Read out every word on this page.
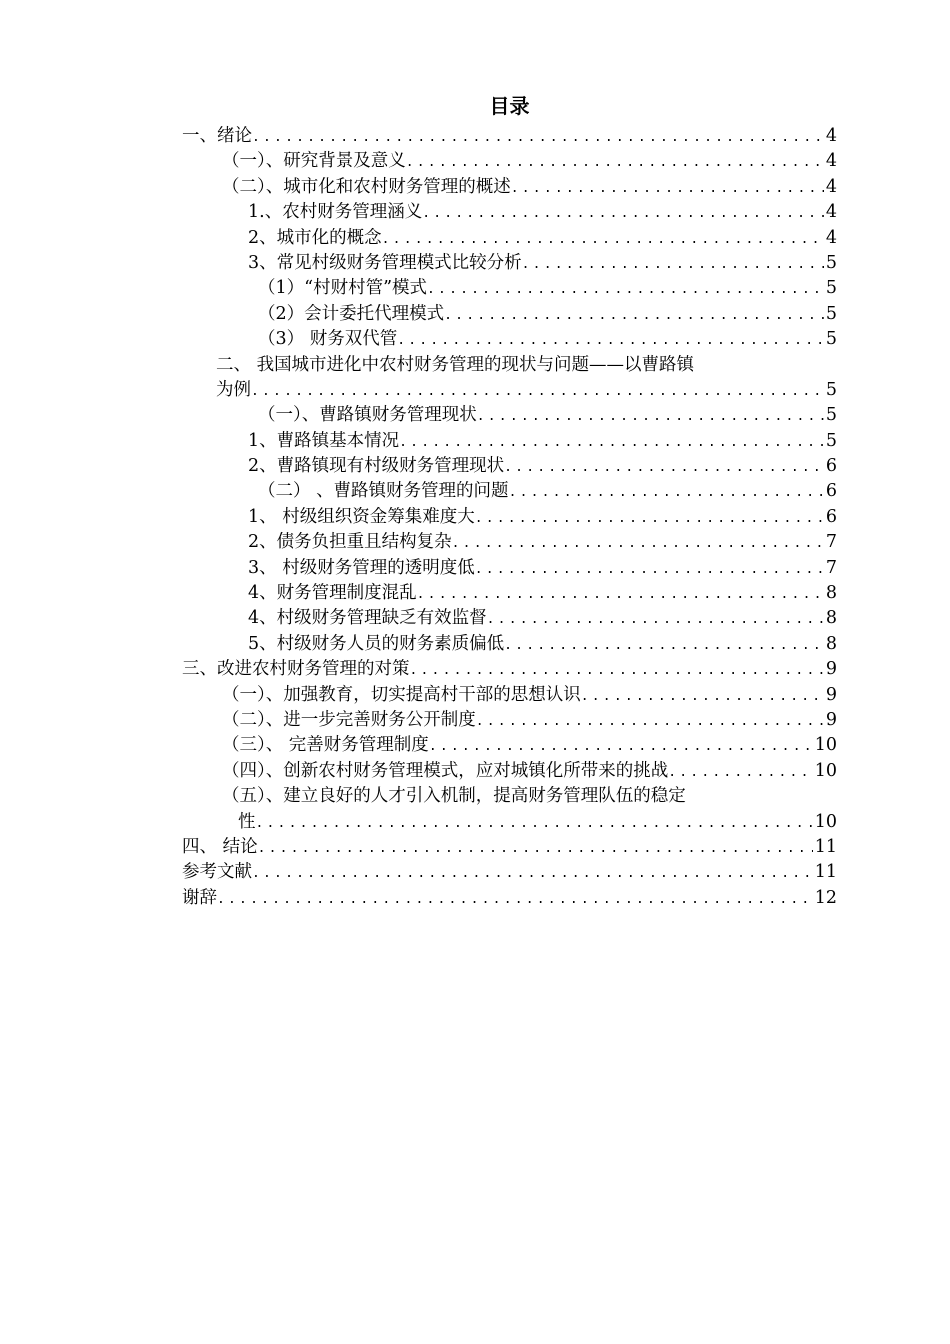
目录
一、绪论 .....	4
（一）、研究背景及意义 .....	4
（二）、城市化和农村财务管理的概述 .....	4
1.、农村财务管理涵义 .....	4
2、城市化的概念 .....	4
3、常见村级财务管理模式比较分析 .....	5
（1）“村财村管”模式 .....	5
（2）会计委托代理模式 .....	5
（3） 财务双代管 .....	5
二、 我国城市进化中农村财务管理的现状与问题——以曹路镇
为例 .....	5
（一）、曹路镇财务管理现状 .....	5
1、曹路镇基本情况 .....	5
2、曹路镇现有村级财务管理现状 .....	6
（二） 、曹路镇财务管理的问题 .....	6
1、 村级组织资金筹集难度大 .....	6
2、债务负担重且结构复杂 .....	7
3、 村级财务管理的透明度低 .....	7
4、财务管理制度混乱 .....	8
4、村级财务管理缺乏有效监督 .....	8
5、村级财务人员的财务素质偏低 .....	8
三、改进农村财务管理的对策 .....	9
（一）、加强教育，切实提高村干部的思想认识 .....	9
（二）、进一步完善财务公开制度 .....	9
（三）、 完善财务管理制度 .....	10
（四）、创新农村财务管理模式，应对城镇化所带来的挑战 .....	10
（五）、建立良好的人才引入机制，提高财务管理队伍的稳定
性 .....	10
四、 结论 .....	11
参考文献 .....	11
谢辞 .....	12
